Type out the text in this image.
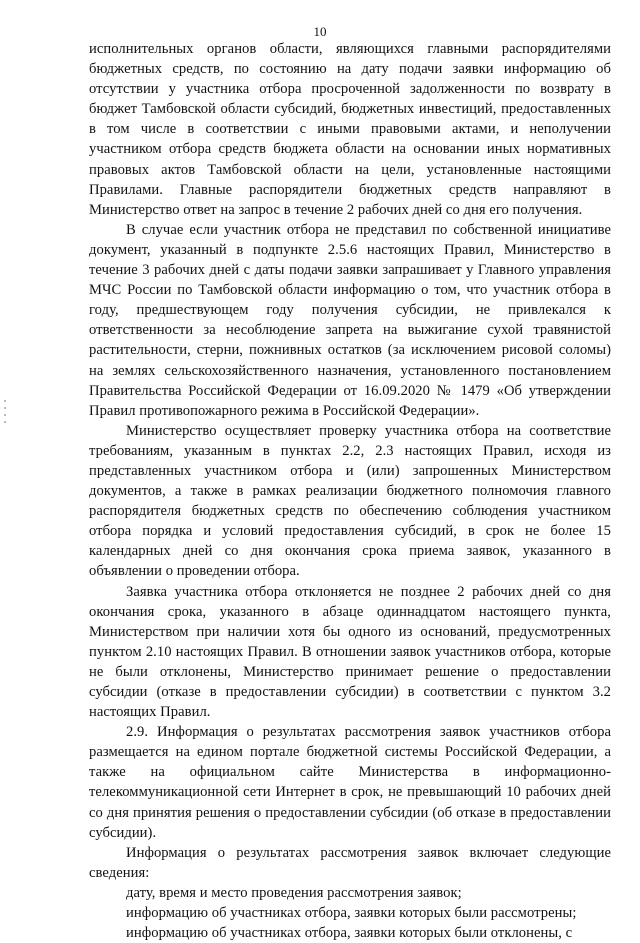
10

исполнительных органов области, являющихся главными распорядителями бюджетных средств, по состоянию на дату подачи заявки информацию об отсутствии у участника отбора просроченной задолженности по возврату в бюджет Тамбовской области субсидий, бюджетных инвестиций, предоставленных в том числе в соответствии с иными правовыми актами, и неполучении участником отбора средств бюджета области на основании иных нормативных правовых актов Тамбовской области на цели, установленные настоящими Правилами. Главные распорядители бюджетных средств направляют в Министерство ответ на запрос в течение 2 рабочих дней со дня его получения.

В случае если участник отбора не представил по собственной инициативе документ, указанный в подпункте 2.5.6 настоящих Правил, Министерство в течение 3 рабочих дней с даты подачи заявки запрашивает у Главного управления МЧС России по Тамбовской области информацию о том, что участник отбора в году, предшествующем году получения субсидии, не привлекался к ответственности за несоблюдение запрета на выжигание сухой травянистой растительности, стерни, пожнивных остатков (за исключением рисовой соломы) на землях сельскохозяйственного назначения, установленного постановлением Правительства Российской Федерации от 16.09.2020 № 1479 «Об утверждении Правил противопожарного режима в Российской Федерации».

Министерство осуществляет проверку участника отбора на соответствие требованиям, указанным в пунктах 2.2, 2.3 настоящих Правил, исходя из представленных участником отбора и (или) запрошенных Министерством документов, а также в рамках реализации бюджетного полномочия главного распорядителя бюджетных средств по обеспечению соблюдения участником отбора порядка и условий предоставления субсидий, в срок не более 15 календарных дней со дня окончания срока приема заявок, указанного в объявлении о проведении отбора.

Заявка участника отбора отклоняется не позднее 2 рабочих дней со дня окончания срока, указанного в абзаце одиннадцатом настоящего пункта, Министерством при наличии хотя бы одного из оснований, предусмотренных пунктом 2.10 настоящих Правил. В отношении заявок участников отбора, которые не были отклонены, Министерство принимает решение о предоставлении субсидии (отказе в предоставлении субсидии) в соответствии с пунктом 3.2 настоящих Правил.

2.9. Информация о результатах рассмотрения заявок участников отбора размещается на едином портале бюджетной системы Российской Федерации, а также на официальном сайте Министерства в информационно-телекоммуникационной сети Интернет в срок, не превышающий 10 рабочих дней со дня принятия решения о предоставлении субсидии (об отказе в предоставлении субсидии).

Информация о результатах рассмотрения заявок включает следующие сведения:

дату, время и место проведения рассмотрения заявок;

информацию об участниках отбора, заявки которых были рассмотрены;

информацию об участниках отбора, заявки которых были отклонены, с
